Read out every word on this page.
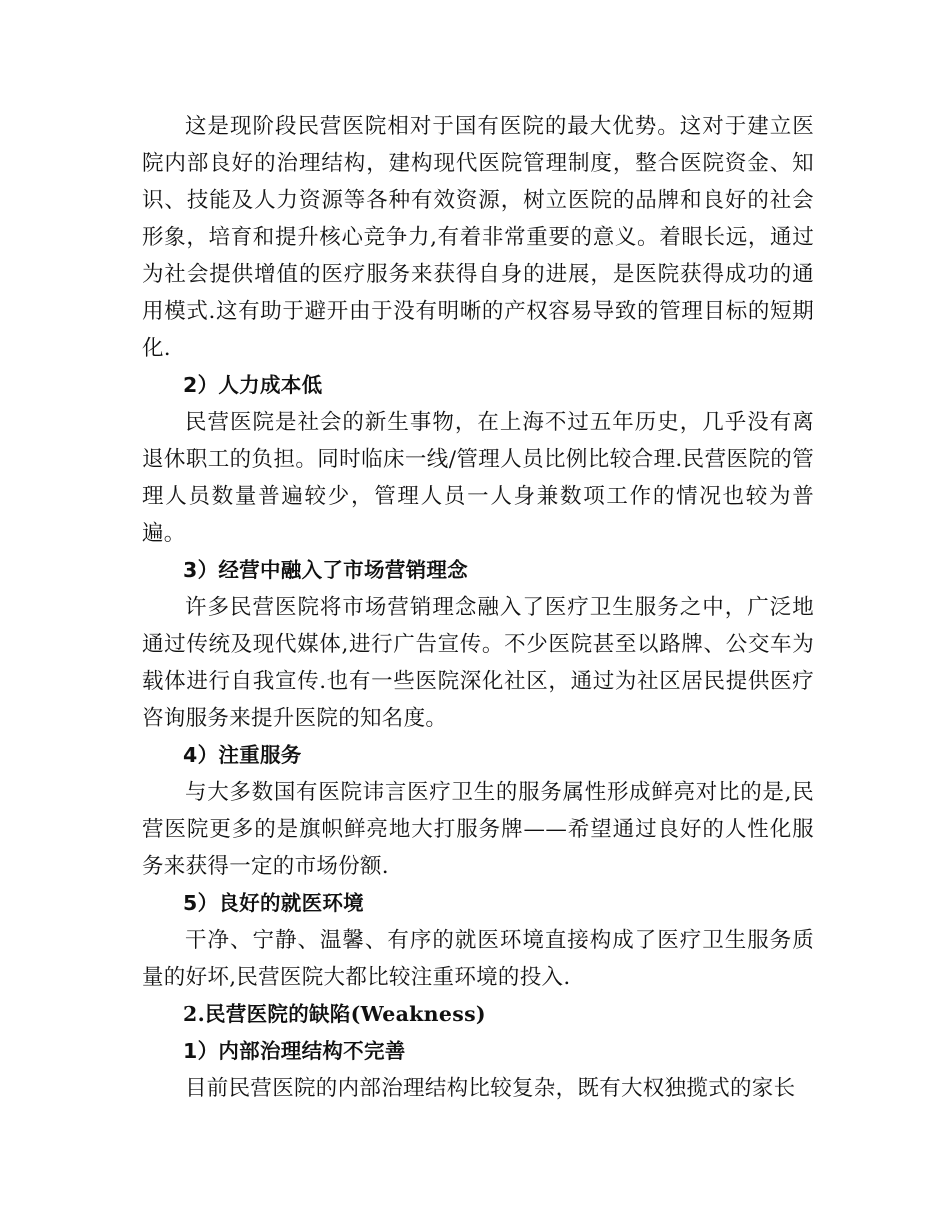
这是现阶段民营医院相对于国有医院的最大优势。这对于建立医院内部良好的治理结构，建构现代医院管理制度，整合医院资金、知识、技能及人力资源等各种有效资源，树立医院的品牌和良好的社会形象，培育和提升核心竞争力,有着非常重要的意义。着眼长远，通过为社会提供增值的医疗服务来获得自身的进展，是医院获得成功的通用模式.这有助于避开由于没有明晰的产权容易导致的管理目标的短期化.

2）人力成本低

民营医院是社会的新生事物，在上海不过五年历史，几乎没有离退休职工的负担。同时临床一线/管理人员比例比较合理.民营医院的管理人员数量普遍较少，管理人员一人身兼数项工作的情况也较为普遍。

3）经营中融入了市场营销理念

许多民营医院将市场营销理念融入了医疗卫生服务之中，广泛地通过传统及现代媒体,进行广告宣传。不少医院甚至以路牌、公交车为载体进行自我宣传.也有一些医院深化社区，通过为社区居民提供医疗咨询服务来提升医院的知名度。

4）注重服务

与大多数国有医院讳言医疗卫生的服务属性形成鲜亮对比的是,民营医院更多的是旗帜鲜亮地大打服务牌——希望通过良好的人性化服务来获得一定的市场份额.

5）良好的就医环境

干净、宁静、温馨、有序的就医环境直接构成了医疗卫生服务质量的好坏,民营医院大都比较注重环境的投入.

2.民营医院的缺陷(Weakness)

1）内部治理结构不完善

目前民营医院的内部治理结构比较复杂，既有大权独揽式的家长
